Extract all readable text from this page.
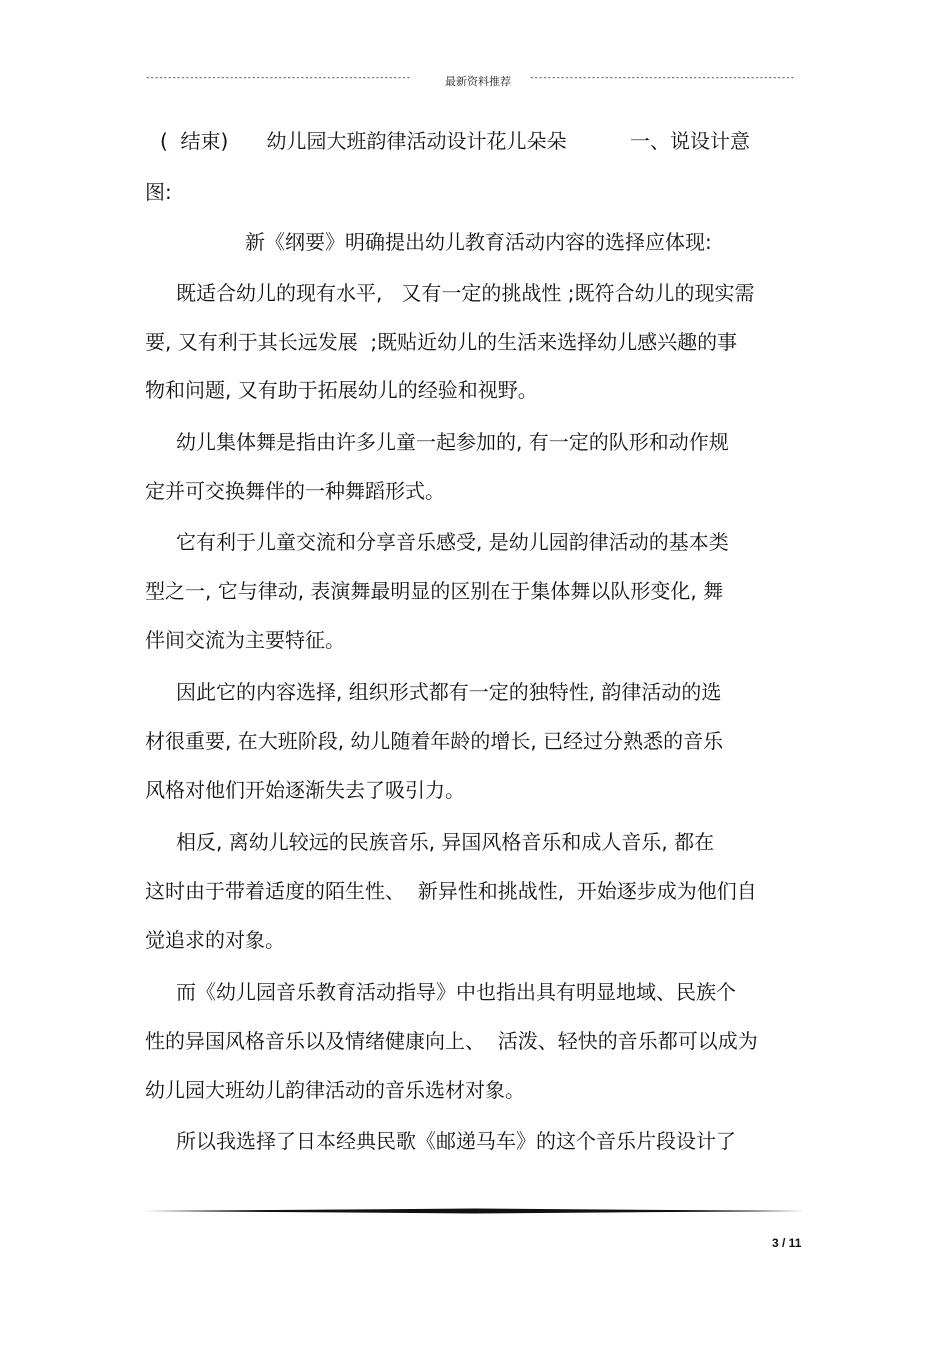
------------------------------------------------------------	最新资料推荐 ------------------------------------------------------------
(  结束)      幼儿园大班韵律活动设计花儿朵朵          一、说设计意
图:
新《纲要》明确提出幼儿教育活动内容的选择应体现:
既适合幼儿的现有水平,   又有一定的挑战性 ;既符合幼儿的现实需
要, 又有利于其长远发展  ;既贴近幼儿的生活来选择幼儿感兴趣的事
物和问题, 又有助于拓展幼儿的经验和视野。
幼儿集体舞是指由许多儿童一起参加的, 有一定的队形和动作规
定并可交换舞伴的一种舞蹈形式。
它有利于儿童交流和分享音乐感受, 是幼儿园韵律活动的基本类
型之一, 它与律动, 表演舞最明显的区别在于集体舞以队形变化, 舞
伴间交流为主要特征。
因此它的内容选择, 组织形式都有一定的独特性, 韵律活动的选
材很重要, 在大班阶段, 幼儿随着年龄的增长, 已经过分熟悉的音乐
风格对他们开始逐渐失去了吸引力。
相反, 离幼儿较远的民族音乐, 异国风格音乐和成人音乐, 都在
这时由于带着适度的陌生性、  新异性和挑战性,  开始逐步成为他们自
觉追求的对象。
而《幼儿园音乐教育活动指导》中也指出具有明显地域、民族个
性的异国风格音乐以及情绪健康向上、  活泼、轻快的音乐都可以成为
幼儿园大班幼儿韵律活动的音乐选材对象。
所以我选择了日本经典民歌《邮递马车》的这个音乐片段设计了
3 / 11
